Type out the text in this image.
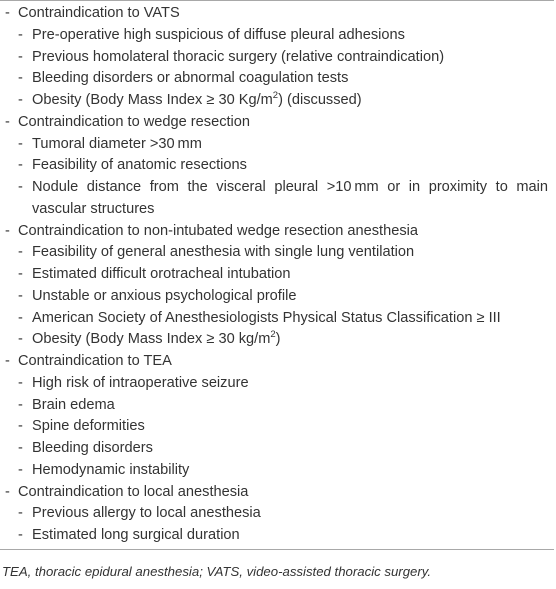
- Contraindication to VATS
- Pre-operative high suspicious of diffuse pleural adhesions
- Previous homolateral thoracic surgery (relative contraindication)
- Bleeding disorders or abnormal coagulation tests
- Obesity (Body Mass Index ≥ 30 $Kg/m^2$) (discussed)
- Contraindication to wedge resection
- Tumoral diameter >30 mm
- Feasibility of anatomic resections
- Nodule distance from the visceral pleural >10 mm or in proximity to main vascular structures
- Contraindication to non-intubated wedge resection anesthesia
- Feasibility of general anesthesia with single lung ventilation
- Estimated difficult orotracheal intubation
- Unstable or anxious psychological profile
- American Society of Anesthesiologists Physical Status Classification ≥ III
- Obesity (Body Mass Index ≥ 30 $kg/m^2$)
- Contraindication to TEA
- High risk of intraoperative seizure
- Brain edema
- Spine deformities
- Bleeding disorders
- Hemodynamic instability
- Contraindication to local anesthesia
- Previous allergy to local anesthesia
- Estimated long surgical duration
TEA, thoracic epidural anesthesia; VATS, video-assisted thoracic surgery.
